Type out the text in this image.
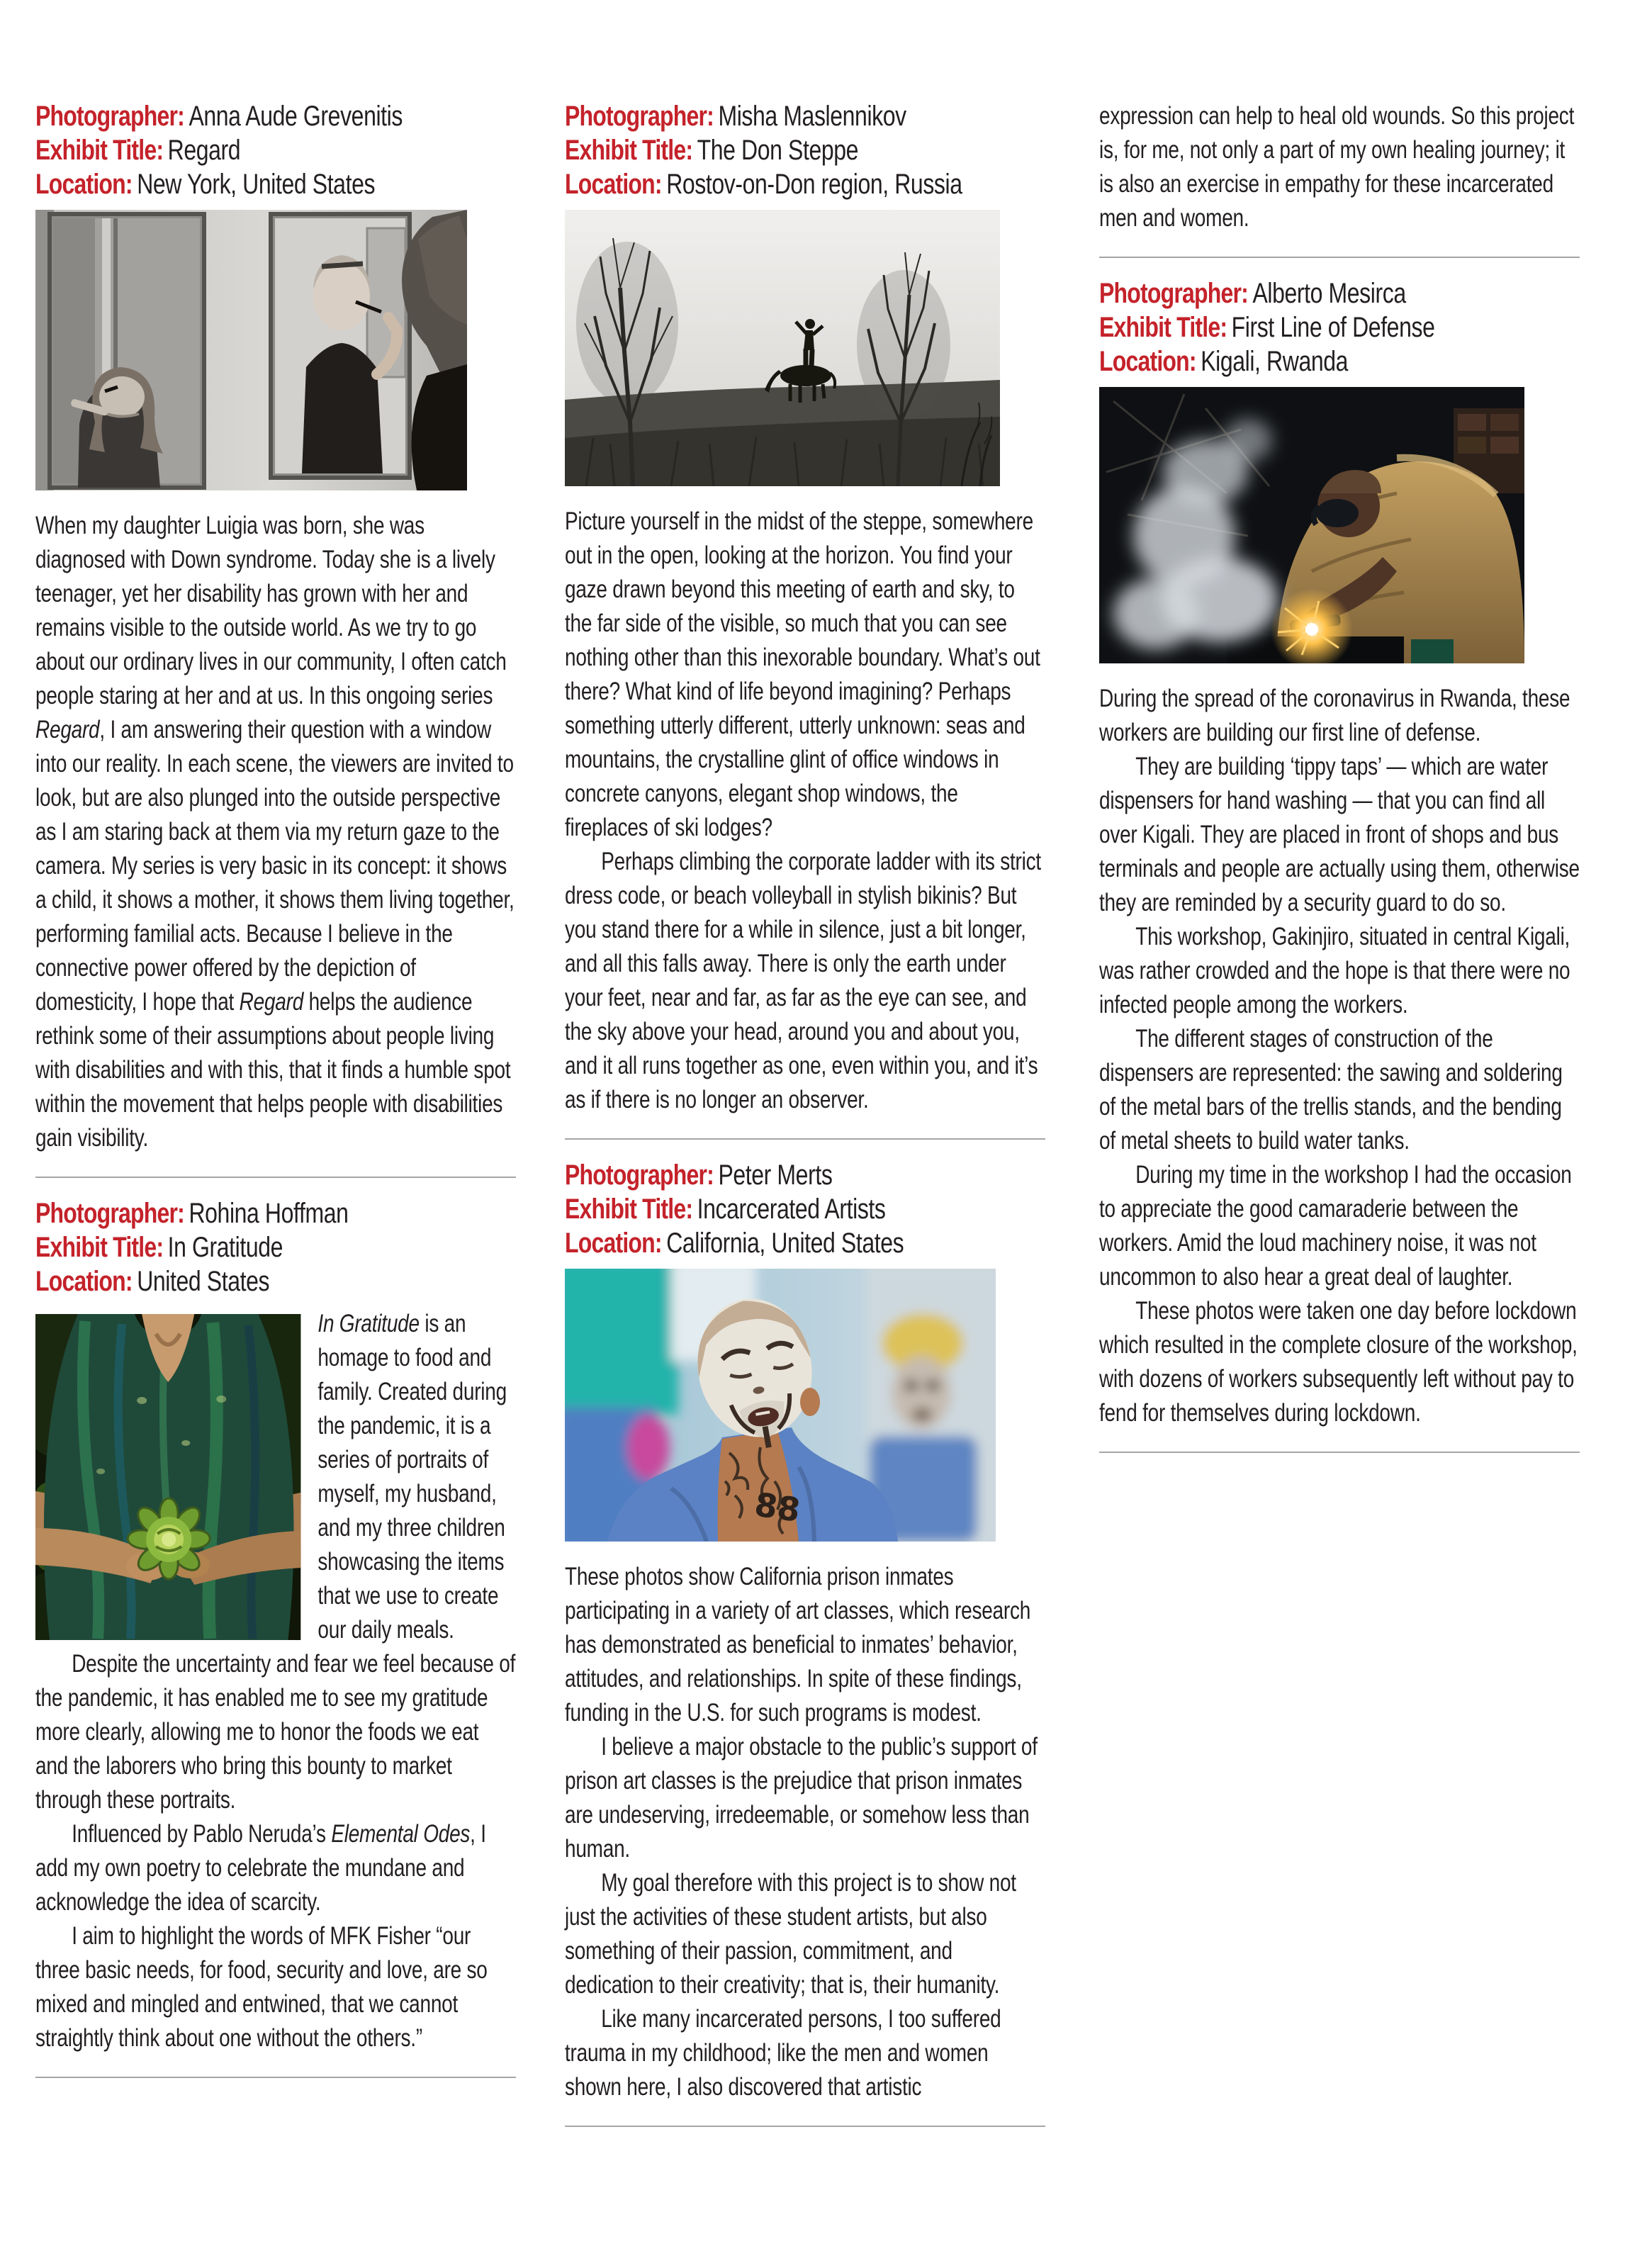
Photographer: Anna Aude Grevenitis
Exhibit Title: Regard
Location: New York, United States

When my daughter Luigia was born, she was diagnosed with Down syndrome. Today she is a lively teenager, yet her disability has grown with her and remains visible to the outside world. As we try to go about our ordinary lives in our community, I often catch people staring at her and at us. In this ongoing series Regard, I am answering their question with a window into our reality. In each scene, the viewers are invited to look, but are also plunged into the outside perspective as I am staring back at them via my return gaze to the camera. My series is very basic in its concept: it shows a child, it shows a mother, it shows them living together, performing familial acts. Because I believe in the connective power offered by the depiction of domesticity, I hope that Regard helps the audience rethink some of their assumptions about people living with disabilities and with this, that it finds a humble spot within the movement that helps people with disabilities gain visibility.

Photographer: Rohina Hoffman
Exhibit Title: In Gratitude
Location: United States

In Gratitude is an homage to food and family. Created during the pandemic, it is a series of portraits of myself, my husband, and my three children showcasing the items that we use to create our daily meals.

Despite the uncertainty and fear we feel because of the pandemic, it has enabled me to see my gratitude more clearly, allowing me to honor the foods we eat and the laborers who bring this bounty to market through these portraits.

Influenced by Pablo Neruda’s Elemental Odes, I add my own poetry to celebrate the mundane and acknowledge the idea of scarcity.

I aim to highlight the words of MFK Fisher “our three basic needs, for food, security and love, are so mixed and mingled and entwined, that we cannot straightly think about one without the others.”

Photographer: Misha Maslennikov
Exhibit Title: The Don Steppe
Location: Rostov-on-Don region, Russia

Picture yourself in the midst of the steppe, somewhere out in the open, looking at the horizon. You find your gaze drawn beyond this meeting of earth and sky, to the far side of the visible, so much that you can see nothing other than this inexorable boundary. What’s out there? What kind of life beyond imagining? Perhaps something utterly different, utterly unknown: seas and mountains, the crystalline glint of office windows in concrete canyons, elegant shop windows, the fireplaces of ski lodges?

Perhaps climbing the corporate ladder with its strict dress code, or beach volleyball in stylish bikinis? But you stand there for a while in silence, just a bit longer, and all this falls away. There is only the earth under your feet, near and far, as far as the eye can see, and the sky above your head, around you and about you, and it all runs together as one, even within you, and it’s as if there is no longer an observer.

Photographer: Peter Merts
Exhibit Title: Incarcerated Artists
Location: California, United States
88

These photos show California prison inmates participating in a variety of art classes, which research has demonstrated as beneficial to inmates’ behavior, attitudes, and relationships. In spite of these findings, funding in the U.S. for such programs is modest.

I believe a major obstacle to the public’s support of prison art classes is the prejudice that prison inmates are undeserving, irredeemable, or somehow less than human.

My goal therefore with this project is to show not just the activities of these student artists, but also something of their passion, commitment, and dedication to their creativity; that is, their humanity.

Like many incarcerated persons, I too suffered trauma in my childhood; like the men and women shown here, I also discovered that artistic

expression can help to heal old wounds. So this project is, for me, not only a part of my own healing journey; it is also an exercise in empathy for these incarcerated men and women.

Photographer: Alberto Mesirca
Exhibit Title: First Line of Defense
Location: Kigali, Rwanda

During the spread of the coronavirus in Rwanda, these workers are building our first line of defense.

They are building ‘tippy taps’ — which are water dispensers for hand washing — that you can find all over Kigali. They are placed in front of shops and bus terminals and people are actually using them, otherwise they are reminded by a security guard to do so.

This workshop, Gakinjiro, situated in central Kigali, was rather crowded and the hope is that there were no infected people among the workers.

The different stages of construction of the dispensers are represented: the sawing and soldering of the metal bars of the trellis stands, and the bending of metal sheets to build water tanks.

During my time in the workshop I had the occasion to appreciate the good camaraderie between the workers. Amid the loud machinery noise, it was not uncommon to also hear a great deal of laughter.

These photos were taken one day before lockdown which resulted in the complete closure of the workshop, with dozens of workers subsequently left without pay to fend for themselves during lockdown.
